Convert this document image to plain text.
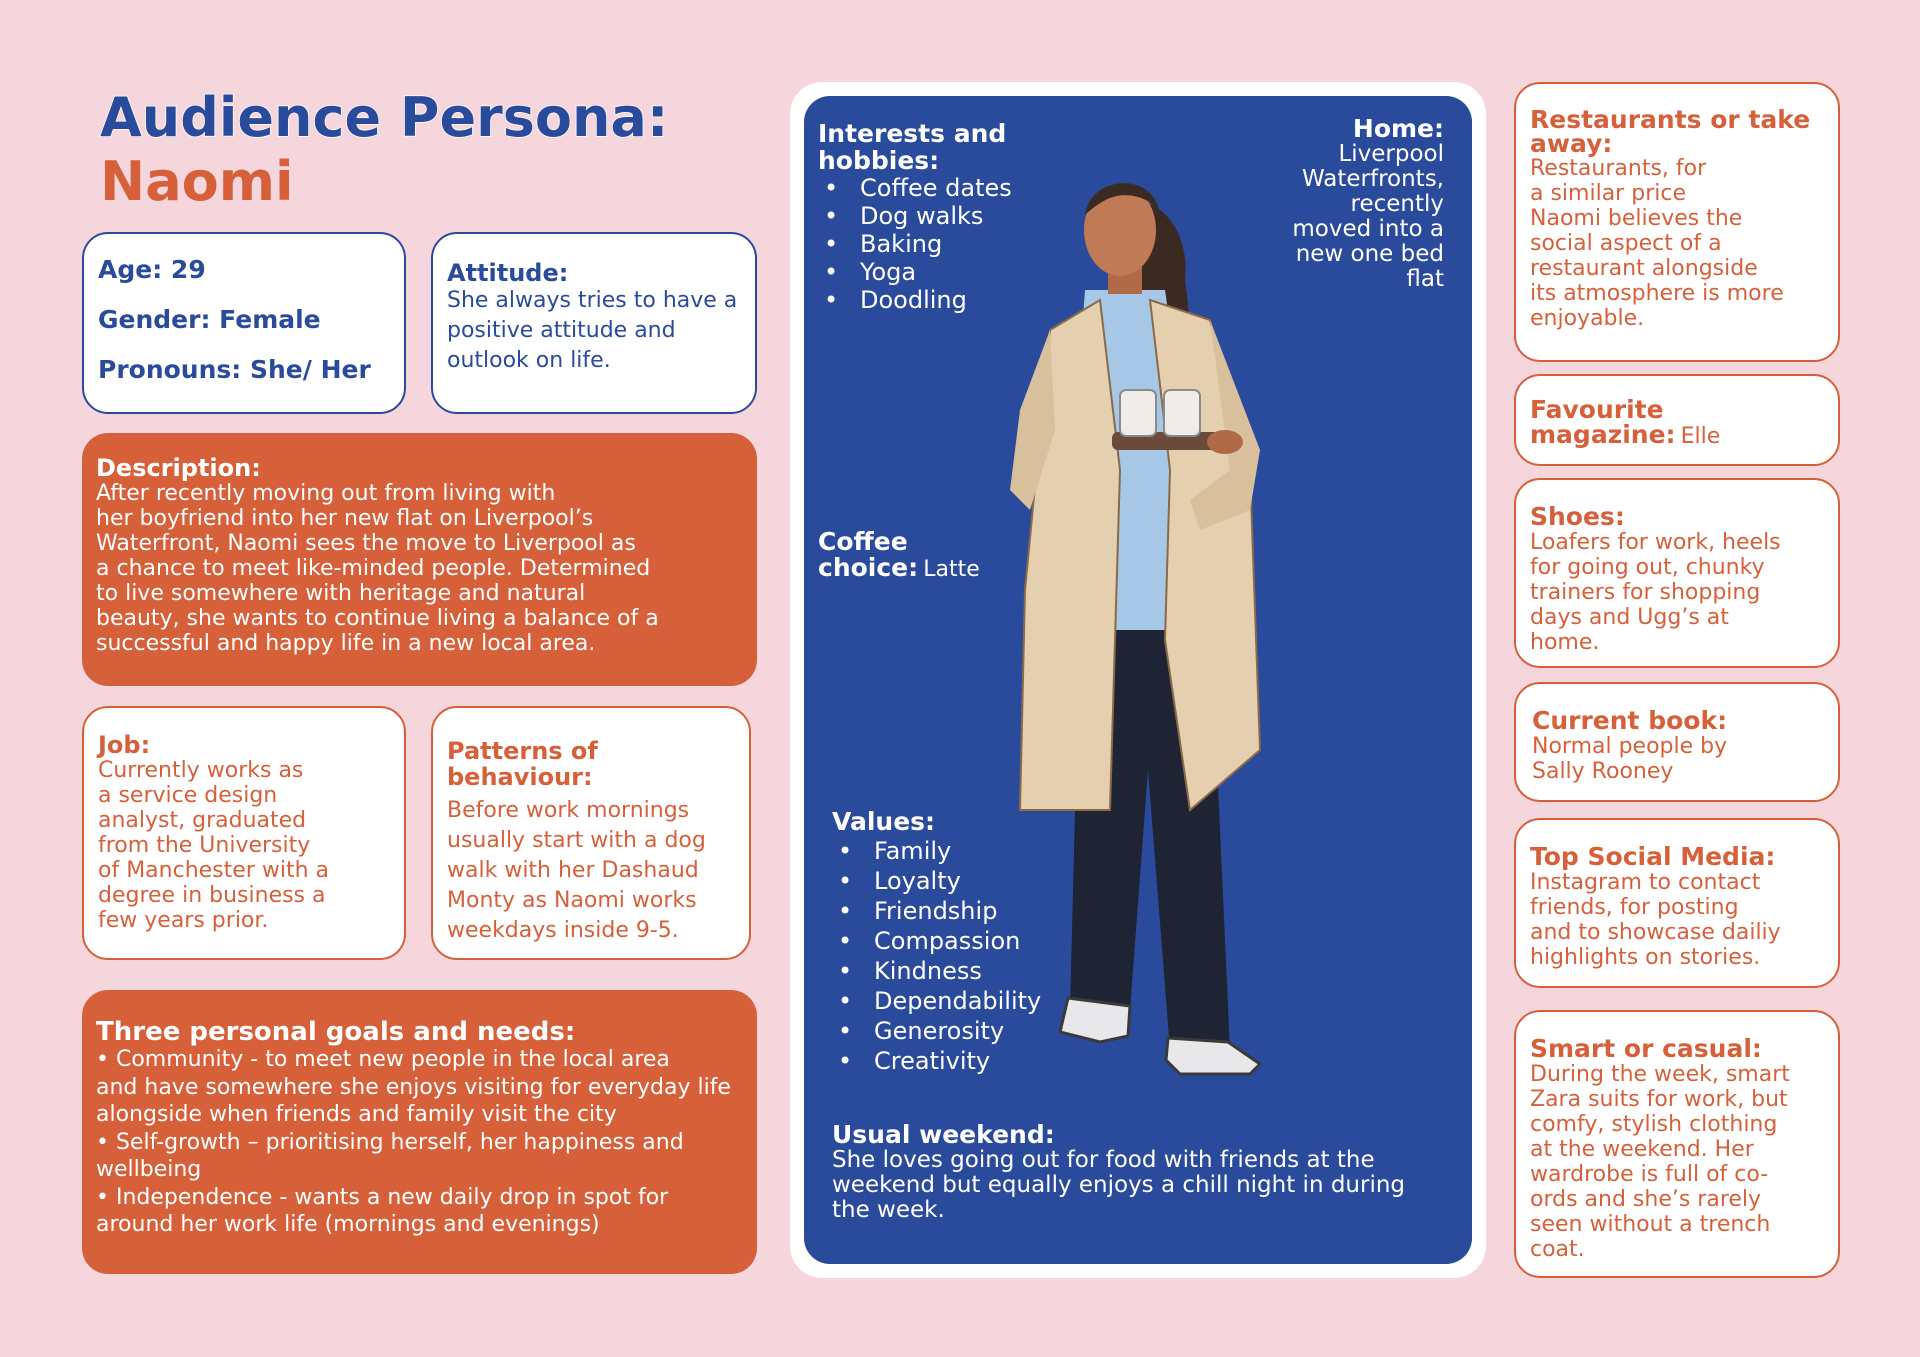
Audience Persona:
Naomi
Age: 29
Gender: Female
Pronouns: She/ Her
Attitude:
She always tries to have a positive attitude and outlook on life.
Description:
After recently moving out from living with
her boyfriend into her new flat on Liverpool’s
Waterfront, Naomi sees the move to Liverpool as
a chance to meet like-minded people. Determined
to live somewhere with heritage and natural
beauty, she wants to continue living a balance of a
successful and happy life in a new local area.
Job:
Currently works as
a service design
analyst, graduated
from the University
of Manchester with a
degree in business a
few years prior.
Patterns of
behaviour:
Before work mornings
usually start with a dog
walk with her Dashaud
Monty as Naomi works
weekdays inside 9-5.
Three personal goals and needs:
• Community - to meet new people in the local area
and have somewhere she enjoys visiting for everyday life
alongside when friends and family visit the city
• Self-growth – prioritising herself, her happiness and
wellbeing
• Independence - wants a new daily drop in spot for
around her work life (mornings and evenings)
Interests and
hobbies:
• Coffee dates
• Dog walks
• Baking
• Yoga
• Doodling
Home:
Liverpool
Waterfronts,
recently
moved into a
new one bed
flat
Coffee
choice: Latte
Values:
• Family
• Loyalty
• Friendship
• Compassion
• Kindness
• Dependability
• Generosity
• Creativity
Usual weekend:
She loves going out for food with friends at the
weekend but equally enjoys a chill night in during
the week.
Restaurants or take
away:
Restaurants, for
a similar price
Naomi believes the
social aspect of a
restaurant alongside
its atmosphere is more
enjoyable.
Favourite
magazine: Elle
Shoes:
Loafers for work, heels
for going out, chunky
trainers for shopping
days and Ugg’s at
home.
Current book:
Normal people by
Sally Rooney
Top Social Media:
Instagram to contact
friends, for posting
and to showcase dailiy
highlights on stories.
Smart or casual:
During the week, smart
Zara suits for work, but
comfy, stylish clothing
at the weekend. Her
wardrobe is full of co-
ords and she’s rarely
seen without a trench
coat.
